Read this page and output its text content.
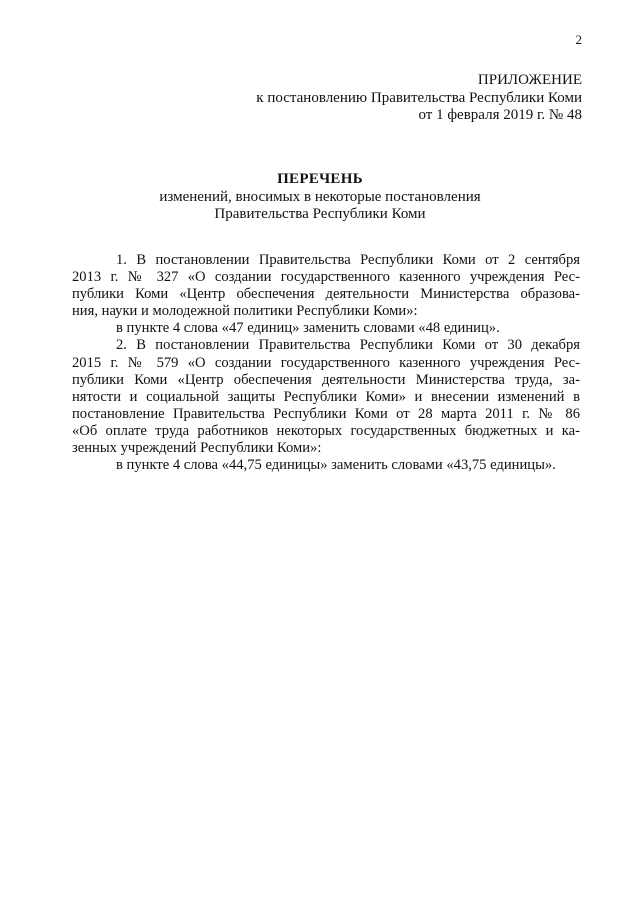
2
ПРИЛОЖЕНИЕ
к постановлению Правительства Республики Коми
от 1 февраля 2019 г. № 48
ПЕРЕЧЕНЬ
изменений, вносимых в некоторые постановления
Правительства Республики Коми
1. В постановлении Правительства Республики Коми от 2 сентября
2013 г. № 327 «О создании государственного казенного учреждения Рес-
публики Коми «Центр обеспечения деятельности Министерства образова-
ния, науки и молодежной политики Республики Коми»:
в пункте 4 слова «47 единиц» заменить словами «48 единиц».
2. В постановлении Правительства Республики Коми от 30 декабря
2015 г. № 579 «О создании государственного казенного учреждения Рес-
публики Коми «Центр обеспечения деятельности Министерства труда, за-
нятости и социальной защиты Республики Коми» и внесении изменений в
постановление Правительства Республики Коми от 28 марта 2011 г. № 86
«Об оплате труда работников некоторых государственных бюджетных и ка-
зенных учреждений Республики Коми»:
в пункте 4 слова «44,75 единицы» заменить словами «43,75 единицы».
